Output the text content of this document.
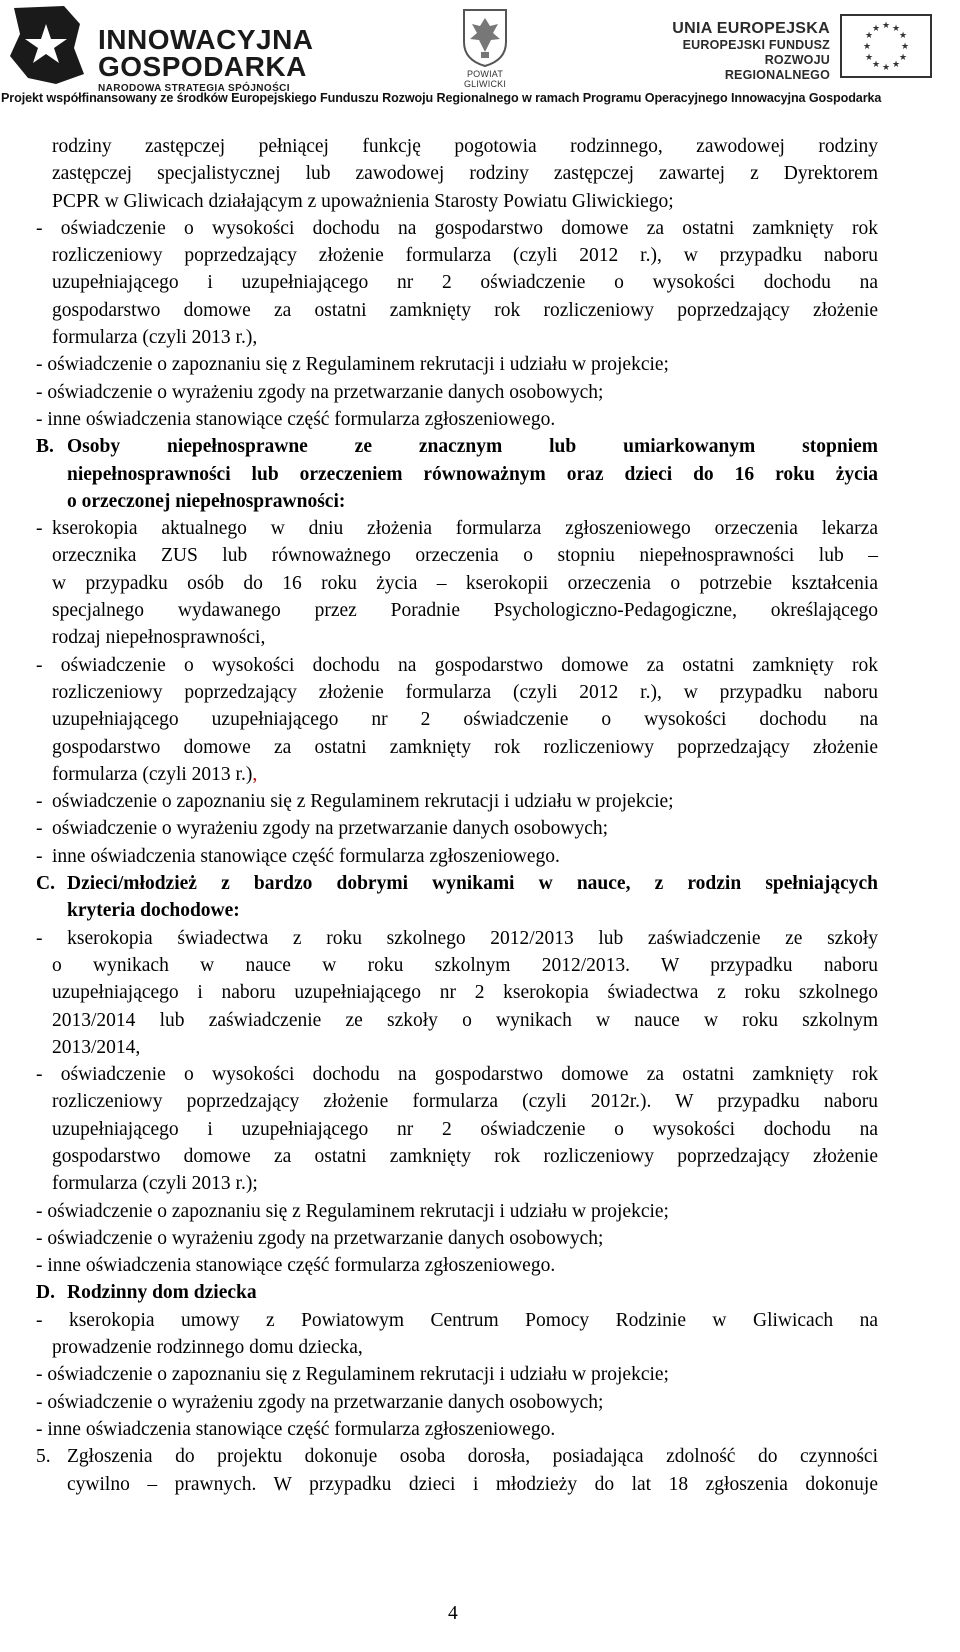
INNOWACYJNA
GOSPODARKA
NARODOWA STRATEGIA SPÓJNOŚCI
POWIAT GLIWICKI
UNIA EUROPEJSKA
EUROPEJSKI FUNDUSZ
ROZWOJU REGIONALNEGO
★ ★
★
★
★
★
★
★
★
★
★
★
Projekt współfinansowany ze środków Europejskiego Funduszu Rozwoju Regionalnego w ramach Programu Operacyjnego Innowacyjna Gospodarka
rodziny zastępczej pełniącej funkcję pogotowia rodzinnego, zawodowej rodziny
zastępczej specjalistycznej lub zawodowej rodziny zastępczej zawartej z Dyrektorem
PCPR w Gliwicach działającym z upoważnienia Starosty Powiatu Gliwickiego;
- oświadczenie o wysokości dochodu na gospodarstwo domowe za ostatni zamknięty rok
rozliczeniowy poprzedzający złożenie formularza (czyli 2012 r.), w przypadku naboru
uzupełniającego i uzupełniającego nr 2 oświadczenie o wysokości dochodu na
gospodarstwo domowe za ostatni zamknięty rok rozliczeniowy poprzedzający złożenie
formularza (czyli 2013 r.),
- oświadczenie o zapoznaniu się z Regulaminem rekrutacji i udziału w projekcie;
- oświadczenie o wyrażeniu zgody na przetwarzanie danych osobowych;
- inne oświadczenia stanowiące część formularza zgłoszeniowego.
B. Osoby niepełnosprawne ze znacznym lub umiarkowanym stopniem
niepełnosprawności lub orzeczeniem równoważnym oraz dzieci do 16 roku życia
o orzeczonej niepełnosprawności:
- kserokopia aktualnego w dniu złożenia formularza zgłoszeniowego orzeczenia lekarza
orzecznika ZUS lub równoważnego orzeczenia o stopniu niepełnosprawności lub –
w przypadku osób do 16 roku życia – kserokopii orzeczenia o potrzebie kształcenia
specjalnego wydawanego przez Poradnie Psychologiczno-Pedagogiczne, określającego
rodzaj niepełnosprawności,
- oświadczenie o wysokości dochodu na gospodarstwo domowe za ostatni zamknięty rok
rozliczeniowy poprzedzający złożenie formularza (czyli 2012 r.), w przypadku naboru
uzupełniającego uzupełniającego nr 2 oświadczenie o wysokości dochodu na
gospodarstwo domowe za ostatni zamknięty rok rozliczeniowy poprzedzający złożenie
formularza (czyli 2013 r.),
- oświadczenie o zapoznaniu się z Regulaminem rekrutacji i udziału w projekcie;
- oświadczenie o wyrażeniu zgody na przetwarzanie danych osobowych;
- inne oświadczenia stanowiące część formularza zgłoszeniowego.
C. Dzieci/młodzież z bardzo dobrymi wynikami w nauce, z rodzin spełniających
kryteria dochodowe:
- kserokopia świadectwa z roku szkolnego 2012/2013 lub zaświadczenie ze szkoły
o wynikach w nauce w roku szkolnym 2012/2013. W przypadku naboru
uzupełniającego i naboru uzupełniającego nr 2 kserokopia świadectwa z roku szkolnego
2013/2014 lub zaświadczenie ze szkoły o wynikach w nauce w roku szkolnym
2013/2014,
- oświadczenie o wysokości dochodu na gospodarstwo domowe za ostatni zamknięty rok
rozliczeniowy poprzedzający złożenie formularza (czyli 2012r.). W przypadku naboru
uzupełniającego i uzupełniającego nr 2 oświadczenie o wysokości dochodu na
gospodarstwo domowe za ostatni zamknięty rok rozliczeniowy poprzedzający złożenie
formularza (czyli 2013 r.);
- oświadczenie o zapoznaniu się z Regulaminem rekrutacji i udziału w projekcie;
- oświadczenie o wyrażeniu zgody na przetwarzanie danych osobowych;
- inne oświadczenia stanowiące część formularza zgłoszeniowego.
D. Rodzinny dom dziecka
- kserokopia umowy z Powiatowym Centrum Pomocy Rodzinie w Gliwicach na
prowadzenie rodzinnego domu dziecka,
- oświadczenie o zapoznaniu się z Regulaminem rekrutacji i udziału w projekcie;
- oświadczenie o wyrażeniu zgody na przetwarzanie danych osobowych;
- inne oświadczenia stanowiące część formularza zgłoszeniowego.
5. Zgłoszenia do projektu dokonuje osoba dorosła, posiadająca zdolność do czynności
cywilno – prawnych. W przypadku dzieci i młodzieży do lat 18 zgłoszenia dokonuje
4
